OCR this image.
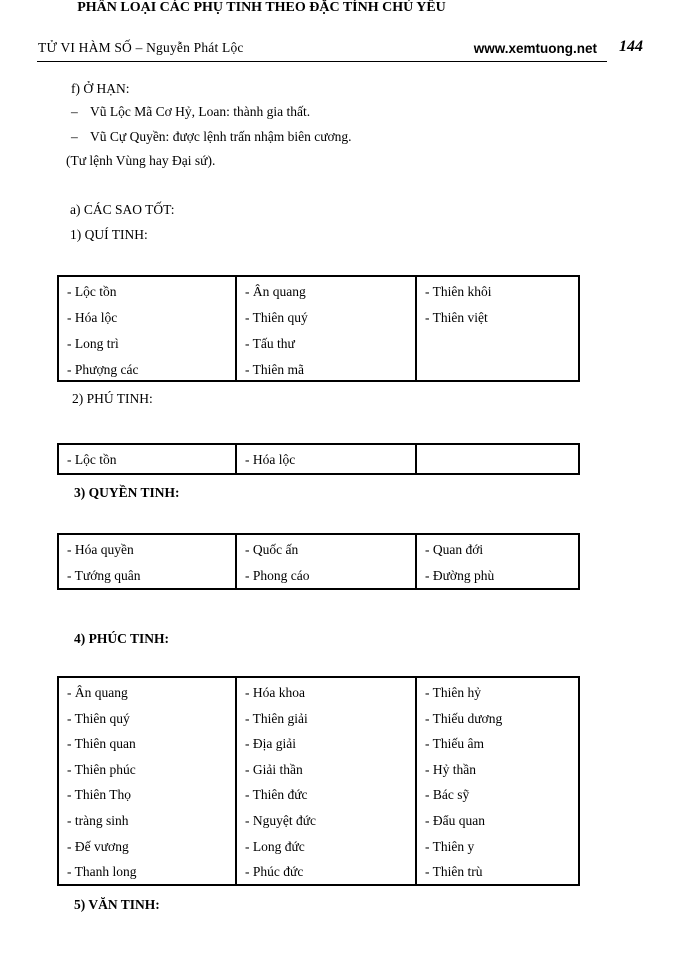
TỬ VI HÀM SỐ – Nguyễn Phát Lộc	www.xemtuong.net 144
f) Ở HẠN:
– Vũ Lộc Mã Cơ Hỷ, Loan: thành gia thất.
– Vũ Cự Quyền: được lệnh trấn nhậm biên cương.
(Tư lệnh Vùng hay Đại sứ).
PHÂN LOẠI CÁC PHỤ TINH THEO ĐẶC TÍNH CHỦ YẾU
a) CÁC SAO TỐT:
1) QUÍ TINH:
2) PHÚ TINH:
3) QUYỀN TINH:
4) PHÚC TINH:
5) VĂN TINH:
- Lộc tồn
- Hóa lộc
- Long trì
- Phượng các
- Ân quang
- Thiên quý
- Tấu thư
- Thiên mã
- Thiên khôi
- Thiên việt
- Lộc tồn	- Hóa lộc
- Hóa quyền
- Tướng quân
- Quốc ấn
- Phong cáo
- Quan đới
- Đường phù
- Ân quang
- Thiên quý
- Thiên quan
- Thiên phúc
- Thiên Thọ
- tràng sinh
- Đế vương
- Thanh long
- Hóa khoa
- Thiên giải
- Địa giải
- Giải thần
- Thiên đức
- Nguyệt đức
- Long đức
- Phúc đức
- Thiên hỷ
- Thiếu dương
- Thiếu âm
- Hỷ thần
- Bác sỹ
- Đẩu quan
- Thiên y
- Thiên trù
